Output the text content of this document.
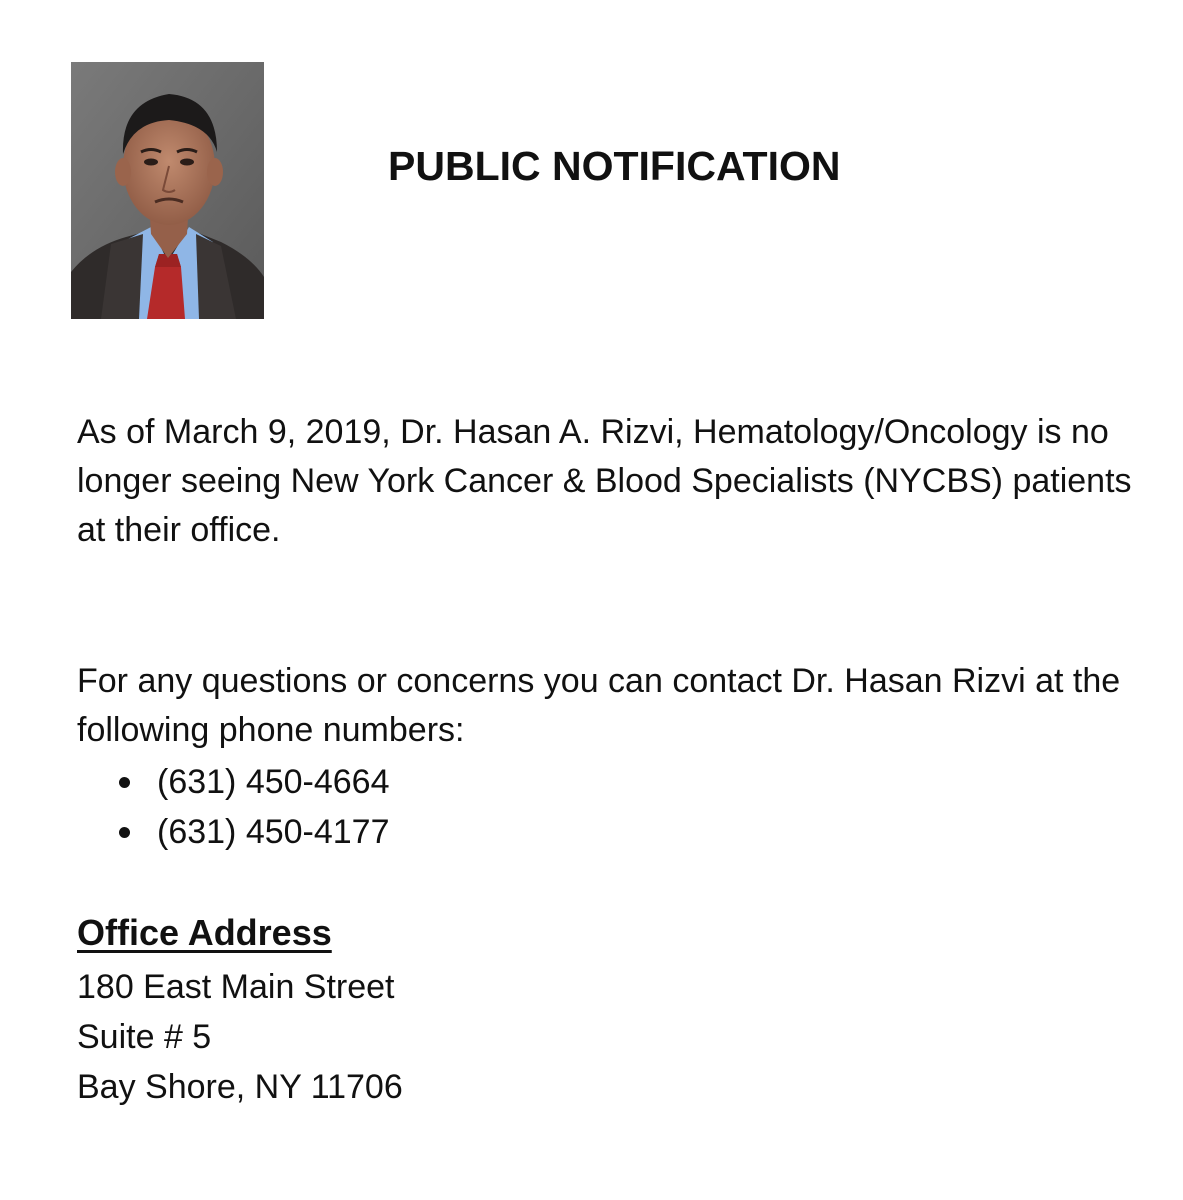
PUBLIC NOTIFICATION
As of March 9, 2019, Dr. Hasan A. Rizvi, Hematology/Oncology is no longer seeing New York Cancer & Blood Specialists (NYCBS) patients at their office.
For any questions or concerns you can contact Dr. Hasan Rizvi at the following phone numbers:
(631) 450-4664
(631) 450-4177
Office Address
180 East Main Street
Suite # 5
Bay Shore, NY 11706
